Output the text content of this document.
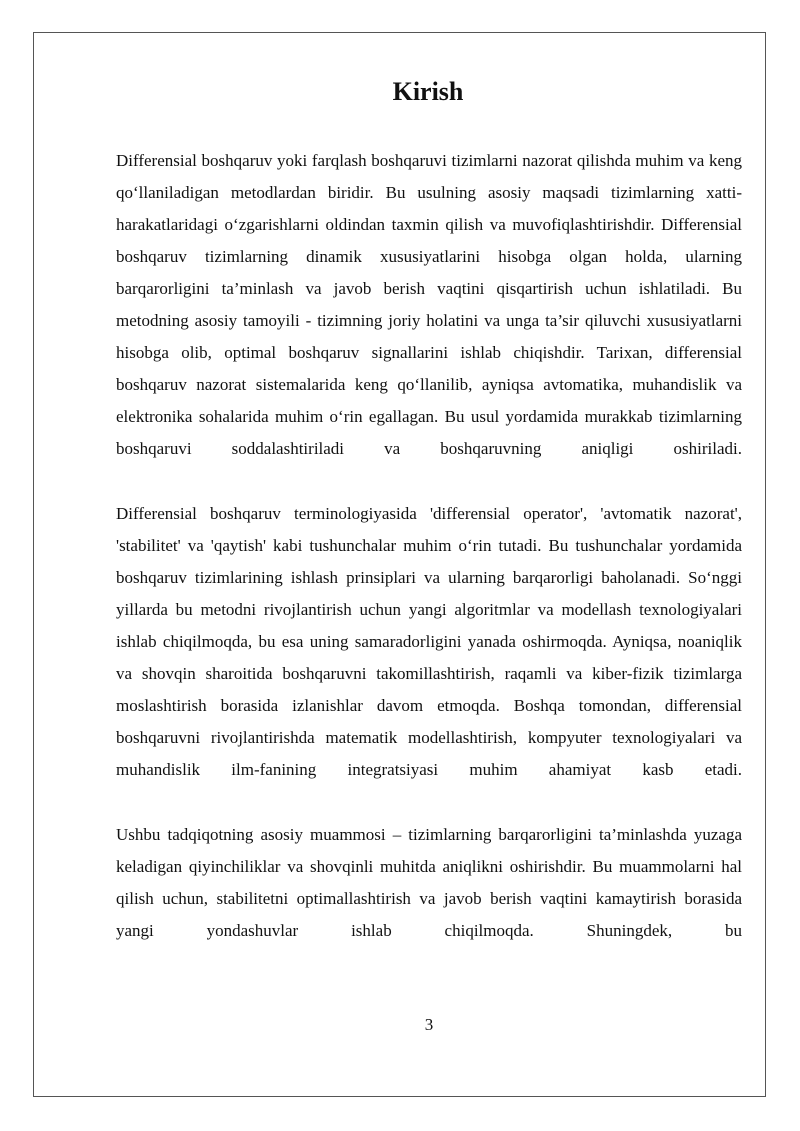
Kirish

Differensial boshqaruv yoki farqlash boshqaruvi tizimlarni nazorat qilishda muhim va keng qo‘llaniladigan metodlardan biridir. Bu usulning asosiy maqsadi tizimlarning xatti-harakatlaridagi o‘zgarishlarni oldindan taxmin qilish va muvofiqlashtirishdir. Differensial boshqaruv tizimlarning dinamik xususiyatlarini hisobga olgan holda, ularning barqarorligini ta’minlash va javob berish vaqtini qisqartirish uchun ishlatiladi. Bu metodning asosiy tamoyili - tizimning joriy holatini va unga ta’sir qiluvchi xususiyatlarni hisobga olib, optimal boshqaruv signallarini ishlab chiqishdir. Tarixan, differensial boshqaruv nazorat sistemalarida keng qo‘llanilib, ayniqsa avtomatika, muhandislik va elektronika sohalarida muhim o‘rin egallagan. Bu usul yordamida murakkab tizimlarning boshqaruvi soddalashtiriladi va boshqaruvning aniqligi oshiriladi.

Differensial boshqaruv terminologiyasida 'differensial operator', 'avtomatik nazorat', 'stabilitet' va 'qaytish' kabi tushunchalar muhim o‘rin tutadi. Bu tushunchalar yordamida boshqaruv tizimlarining ishlash prinsiplari va ularning barqarorligi baholanadi. So‘nggi yillarda bu metodni rivojlantirish uchun yangi algoritmlar va modellash texnologiyalari ishlab chiqilmoqda, bu esa uning samaradorligini yanada oshirmoqda. Ayniqsa, noaniqlik va shovqin sharoitida boshqaruvni takomillashtirish, raqamli va kiber-fizik tizimlarga moslashtirish borasida izlanishlar davom etmoqda. Boshqa tomondan, differensial boshqaruvni rivojlantirishda matematik modellashtirish, kompyuter texnologiyalari va muhandislik ilm-fanining integratsiyasi muhim ahamiyat kasb etadi.

Ushbu tadqiqotning asosiy muammosi – tizimlarning barqarorligini ta’minlashda yuzaga keladigan qiyinchiliklar va shovqinli muhitda aniqlikni oshirishdir. Bu muammolarni hal qilish uchun, stabilitetni optimallashtirish va javob berish vaqtini kamaytirish borasida yangi yondashuvlar ishlab chiqilmoqda. Shuningdek, bu

3
